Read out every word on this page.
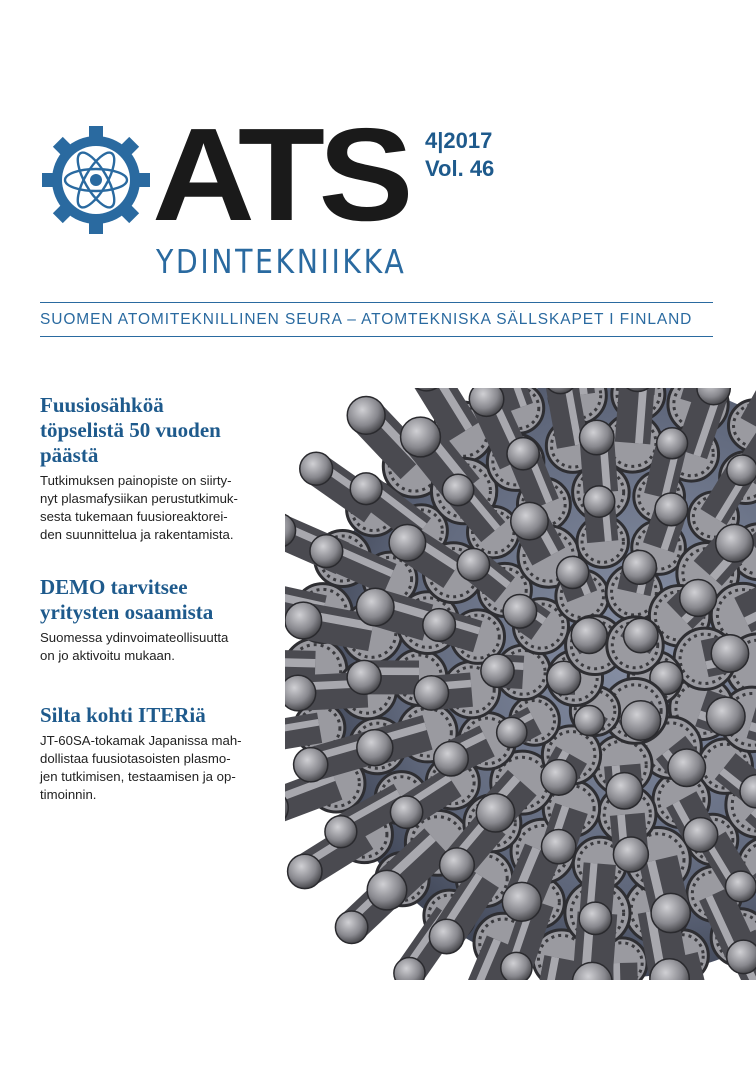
ATS 4|2017
Vol. 46
YDINTEKNIIKKA
SUOMEN ATOMITEKNILLINEN SEURA – ATOMTEKNISKA SÄLLSKAPET I FINLAND
Fuusiosähköä
töpselistä 50 vuoden
päästä

Tutkimuksen painopiste on siirty-
nyt plasmafysiikan perustutkimuk-
sesta tukemaan fuusioreaktorei-
den suunnittelua ja rakentamista.

DEMO tarvitsee
yritysten osaamista

Suomessa ydinvoimateollisuutta
on jo aktivoitu mukaan.

Silta kohti ITERiä

JT-60SA-tokamak Japanissa mah-
dollistaa fuusiotasoisten plasmo-
jen tutkimisen, testaamisen ja op-
timoinnin.
